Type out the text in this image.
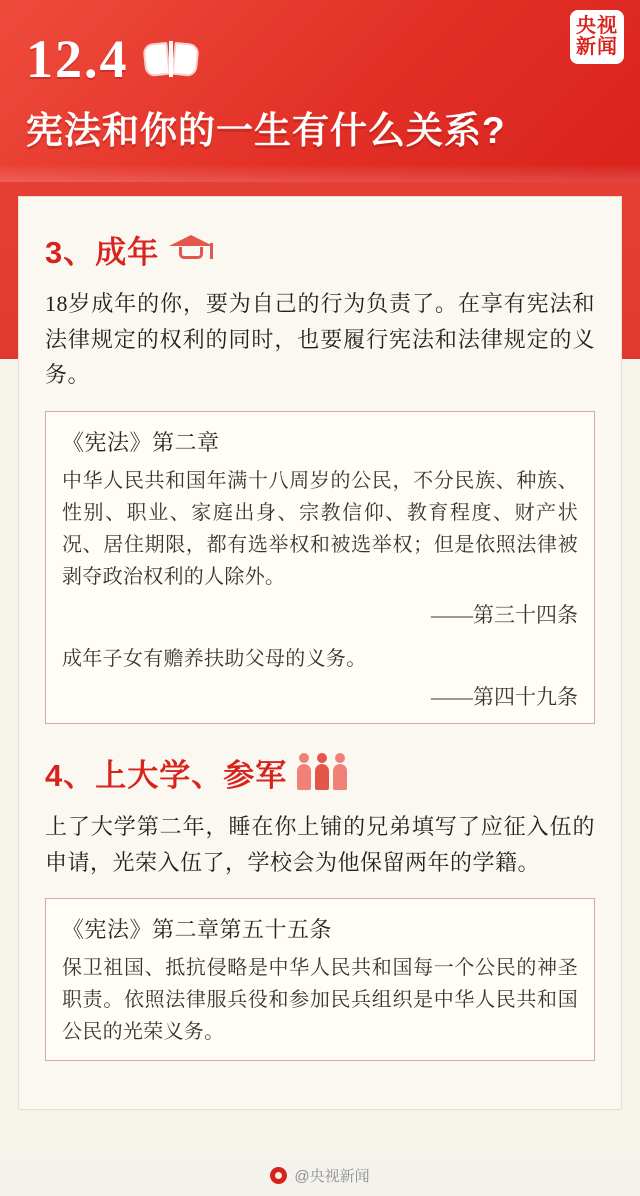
央视
新闻
12.4
宪法和你的一生有什么关系?
3、成年

18岁成年的你，要为自己的行为负责了。在享有宪法和法律规定的权利的同时，也要履行宪法和法律规定的义务。

《宪法》第二章
中华人民共和国年满十八周岁的公民，不分民族、种族、性别、职业、家庭出身、宗教信仰、教育程度、财产状况、居住期限，都有选举权和被选举权；但是依照法律被剥夺政治权利的人除外。
——第三十四条
成年子女有赡养扶助父母的义务。
——第四十九条
4、上大学、参军

上了大学第二年，睡在你上铺的兄弟填写了应征入伍的申请，光荣入伍了，学校会为他保留两年的学籍。

《宪法》第二章第五十五条
保卫祖国、抵抗侵略是中华人民共和国每一个公民的神圣职责。依照法律服兵役和参加民兵组织是中华人民共和国公民的光荣义务。
@央视新闻
